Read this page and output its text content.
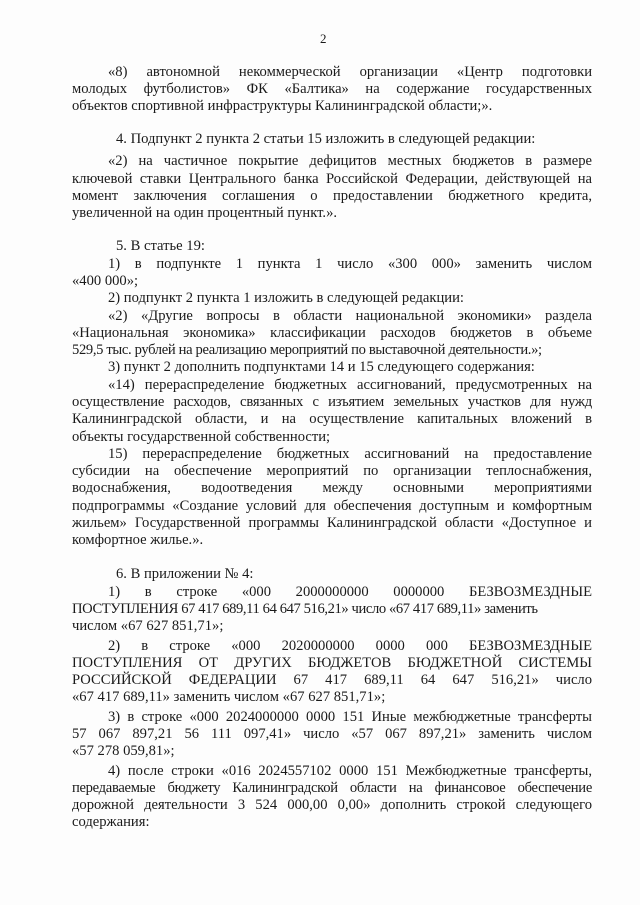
2
«8) автономной некоммерческой организации «Центр подготовки
молодых футболистов» ФК «Балтика» на содержание государственных
объектов спортивной инфраструктуры Калининградской области;».
4. Подпункт 2 пункта 2 статьи 15 изложить в следующей редакции:
«2) на частичное покрытие дефицитов местных бюджетов в размере
ключевой ставки Центрального банка Российской Федерации, действующей на
момент заключения соглашения о предоставлении бюджетного кредита,
увеличенной на один процентный пункт.».
5. В статье 19:
1) в подпункте 1 пункта 1 число «300 000» заменить числом
«400 000»;
2) подпункт 2 пункта 1 изложить в следующей редакции:
«2) «Другие вопросы в области национальной экономики» раздела
«Национальная экономика» классификации расходов бюджетов в объеме
529,5 тыс. рублей на реализацию мероприятий по выставочной деятельности.»;
3) пункт 2 дополнить подпунктами 14 и 15 следующего содержания:
«14) перераспределение бюджетных ассигнований, предусмотренных на
осуществление расходов, связанных с изъятием земельных участков для нужд
Калининградской области, и на осуществление капитальных вложений в
объекты государственной собственности;
15) перераспределение бюджетных ассигнований на предоставление
субсидии на обеспечение мероприятий по организации теплоснабжения,
водоснабжения, водоотведения между основными мероприятиями
подпрограммы «Создание условий для обеспечения доступным и комфортным
жильем» Государственной программы Калининградской области «Доступное и
комфортное жилье.».
6. В приложении № 4:
1) в строке «000 2000000000 0000000 БЕЗВОЗМЕЗДНЫЕ
ПОСТУПЛЕНИЯ 67 417 689,11 64 647 516,21» число «67 417 689,11» заменить
числом «67 627 851,71»;
2) в строке «000 2020000000 0000 000 БЕЗВОЗМЕЗДНЫЕ
ПОСТУПЛЕНИЯ ОТ ДРУГИХ БЮДЖЕТОВ БЮДЖЕТНОЙ СИСТЕМЫ
РОССИЙСКОЙ ФЕДЕРАЦИИ 67 417 689,11 64 647 516,21» число
«67 417 689,11» заменить числом «67 627 851,71»;
3) в строке «000 2024000000 0000 151 Иные межбюджетные трансферты
57 067 897,21 56 111 097,41» число «57 067 897,21» заменить числом
«57 278 059,81»;
4) после строки «016 2024557102 0000 151 Межбюджетные трансферты,
передаваемые бюджету Калининградской области на финансовое обеспечение
дорожной деятельности 3 524 000,00 0,00» дополнить строкой следующего
содержания:
